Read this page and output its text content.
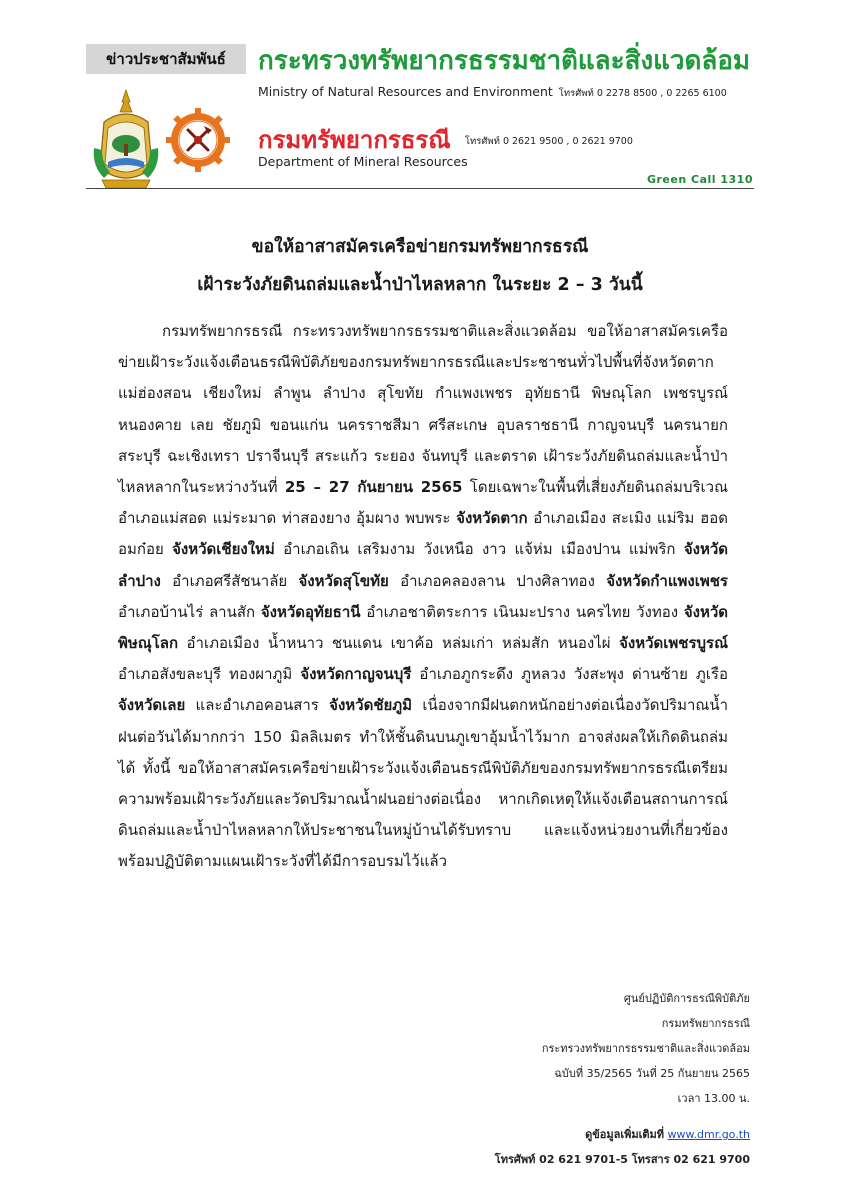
ข่าวประชาสัมพันธ์	กระทรวงทรัพยากรธรรมชาติและสิ่งแวดล้อม
Ministry of Natural Resources and Environment โทรศัพท์ 0 2278 8500 , 0 2265 6100
กรมทรัพยากรธรณี โทรศัพท์ 0 2621 9500 , 0 2621 9700
Department of Mineral Resources
Green Call 1310
ขอให้อาสาสมัครเครือข่ายกรมทรัพยากรธรณี
เฝ้าระวังภัยดินถล่มและน้ำป่าไหลหลาก ในระยะ 2 – 3 วันนี้

กรมทรัพยากรธรณี กระทรวงทรัพยากรธรรมชาติและสิ่งแวดล้อม ขอให้อาสาสมัครเครือข่ายเฝ้าระวังแจ้งเตือนธรณีพิบัติภัยของกรมทรัพยากรธรณีและประชาชนทั่วไปพื้นที่จังหวัดตาก แม่ฮ่องสอน เชียงใหม่ ลำพูน ลำปาง สุโขทัย กำแพงเพชร อุทัยธานี พิษณุโลก เพชรบูรณ์ หนองคาย เลย ชัยภูมิ ขอนแก่น นครราชสีมา ศรีสะเกษ อุบลราชธานี กาญจนบุรี นครนายก สระบุรี ฉะเชิงเทรา ปราจีนบุรี สระแก้ว ระยอง จันทบุรี และตราด เฝ้าระวังภัยดินถล่มและน้ำป่าไหลหลากในระหว่างวันที่ 25 – 27 กันยายน 2565 โดยเฉพาะในพื้นที่เสี่ยงภัยดินถล่มบริเวณอำเภอแม่สอด แม่ระมาด ท่าสองยาง อุ้มผาง พบพระ จังหวัดตาก อำเภอเมือง สะเมิง แม่ริม ฮอด อมก๋อย จังหวัดเชียงใหม่ อำเภอเถิน เสริมงาม วังเหนือ งาว แจ้ห่ม เมืองปาน แม่พริก จังหวัดลำปาง อำเภอศรีสัชนาลัย จังหวัดสุโขทัย อำเภอคลองลาน ปางศิลาทอง จังหวัดกำแพงเพชร อำเภอบ้านไร่ ลานสัก จังหวัดอุทัยธานี อำเภอชาติตระการ เนินมะปราง นครไทย วังทอง จังหวัดพิษณุโลก อำเภอเมือง น้ำหนาว ชนแดน เขาค้อ หล่มเก่า หล่มสัก หนองไผ่ จังหวัดเพชรบูรณ์ อำเภอสังขละบุรี ทองผาภูมิ จังหวัดกาญจนบุรี อำเภอภูกระดึง ภูหลวง วังสะพุง ด่านซ้าย ภูเรือ จังหวัดเลย และอำเภอคอนสาร จังหวัดชัยภูมิ เนื่องจากมีฝนตกหนักอย่างต่อเนื่องวัดปริมาณน้ำฝนต่อวันได้มากกว่า 150 มิลลิเมตร ทำให้ชั้นดินบนภูเขาอุ้มน้ำไว้มาก อาจส่งผลให้เกิดดินถล่มได้ ทั้งนี้ ขอให้อาสาสมัครเครือข่ายเฝ้าระวังแจ้งเตือนธรณีพิบัติภัยของกรมทรัพยากรธรณีเตรียมความพร้อมเฝ้าระวังภัยและวัดปริมาณน้ำฝนอย่างต่อเนื่อง หากเกิดเหตุให้แจ้งเตือนสถานการณ์ดินถล่มและน้ำป่าไหลหลากให้ประชาชนในหมู่บ้านได้รับทราบ และแจ้งหน่วยงานที่เกี่ยวข้องพร้อมปฏิบัติตามแผนเฝ้าระวังที่ได้มีการอบรมไว้แล้ว

ศูนย์ปฏิบัติการธรณีพิบัติภัย
กรมทรัพยากรธรณี
กระทรวงทรัพยากรธรรมชาติและสิ่งแวดล้อม
ฉบับที่ 35/2565 วันที่ 25 กันยายน 2565
เวลา 13.00 น.
ดูข้อมูลเพิ่มเติมที่ www.dmr.go.th
โทรศัพท์ 02 621 9701-5 โทรสาร 02 621 9700
